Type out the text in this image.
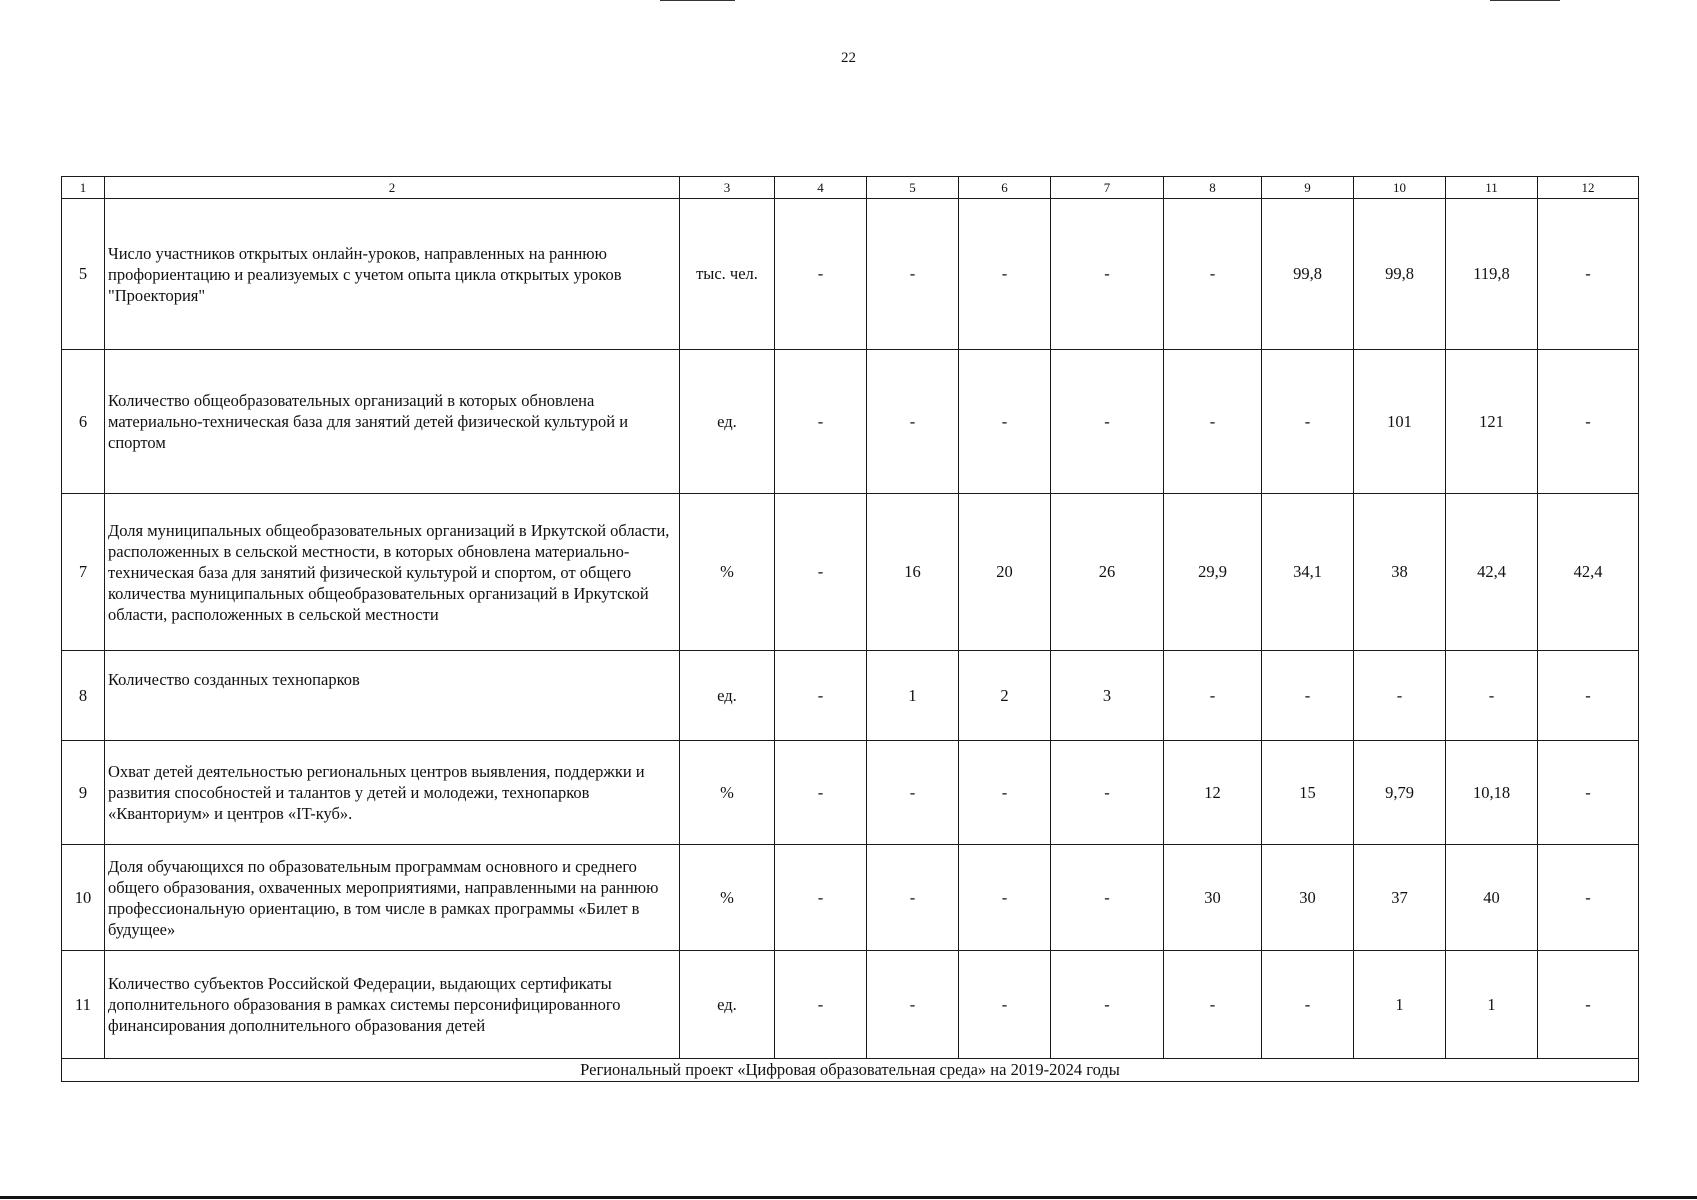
22
1	2	3	4	5	6	7	8	9	10	11	12
5	Число участников открытых онлайн-уроков, направленных на раннюю профориентацию и реализуемых с учетом опыта цикла открытых уроков "Проектория"	тыс. чел.	-	-	-	-	-	99,8	99,8	119,8	-
6	Количество общеобразовательных организаций в которых обновлена материально-техническая база для занятий детей физической культурой и спортом	ед.	-	-	-	-	-	-	101	121	-
7	Доля муниципальных общеобразовательных организаций в Иркутской области, расположенных в сельской местности, в которых обновлена материально-техническая база для занятий физической культурой и спортом, от общего количества муниципальных общеобразовательных организаций в Иркутской области, расположенных в сельской местности	%	-	16	20	26	29,9	34,1	38	42,4	42,4
8	Количество созданных технопарков	ед.	-	1	2	3	-	-	-	-	-
9	Охват детей деятельностью региональных центров выявления, поддержки и развития способностей и талантов у детей и молодежи, технопарков «Кванториум» и центров «IT-куб».	%	-	-	-	-	12	15	9,79	10,18	-
10	Доля обучающихся по образовательным программам основного и среднего общего образования, охваченных мероприятиями, направленными на раннюю профессиональную ориентацию, в том числе в рамках программы «Билет в будущее»	%	-	-	-	-	30	30	37	40	-
11	Количество субъектов Российской Федерации, выдающих сертификаты дополнительного образования в рамках системы персонифицированного финансирования дополнительного образования детей	ед.	-	-	-	-	-	-	1	1	-
Региональный проект «Цифровая образовательная среда» на 2019-2024 годы											
